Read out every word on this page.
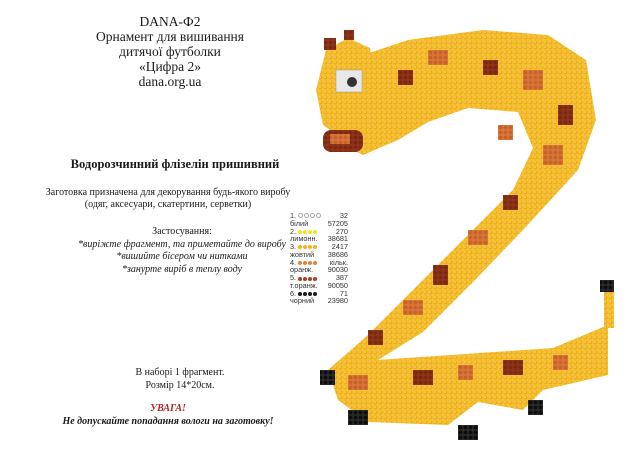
DANA-Ф2
Орнамент для вишивання
дитячої футболки
«Цифра 2»
dana.org.ua
Водорозчинний флізелін пришивний
Заготовка призначена для декорування будь-якого виробу
(одяг, аксесуари, скатертини, серветки)
Застосування:
*виріжте фрагмент, та приметайте до виробу
*вишийте бісером чи нитками
*занурте виріб в теплу воду
1.	32
білий	57205
2.	270
лимонн. 38681
3.	2417
жовтий 38686
4.	кільк.
оранж. 90030
5.	387
т.оранж. 90050
6.	71
чорний 23980
В наборі 1 фрагмент.
Розмір 14*20см.
УВАГА!
Не допускайте попадання вологи на заготовку!
